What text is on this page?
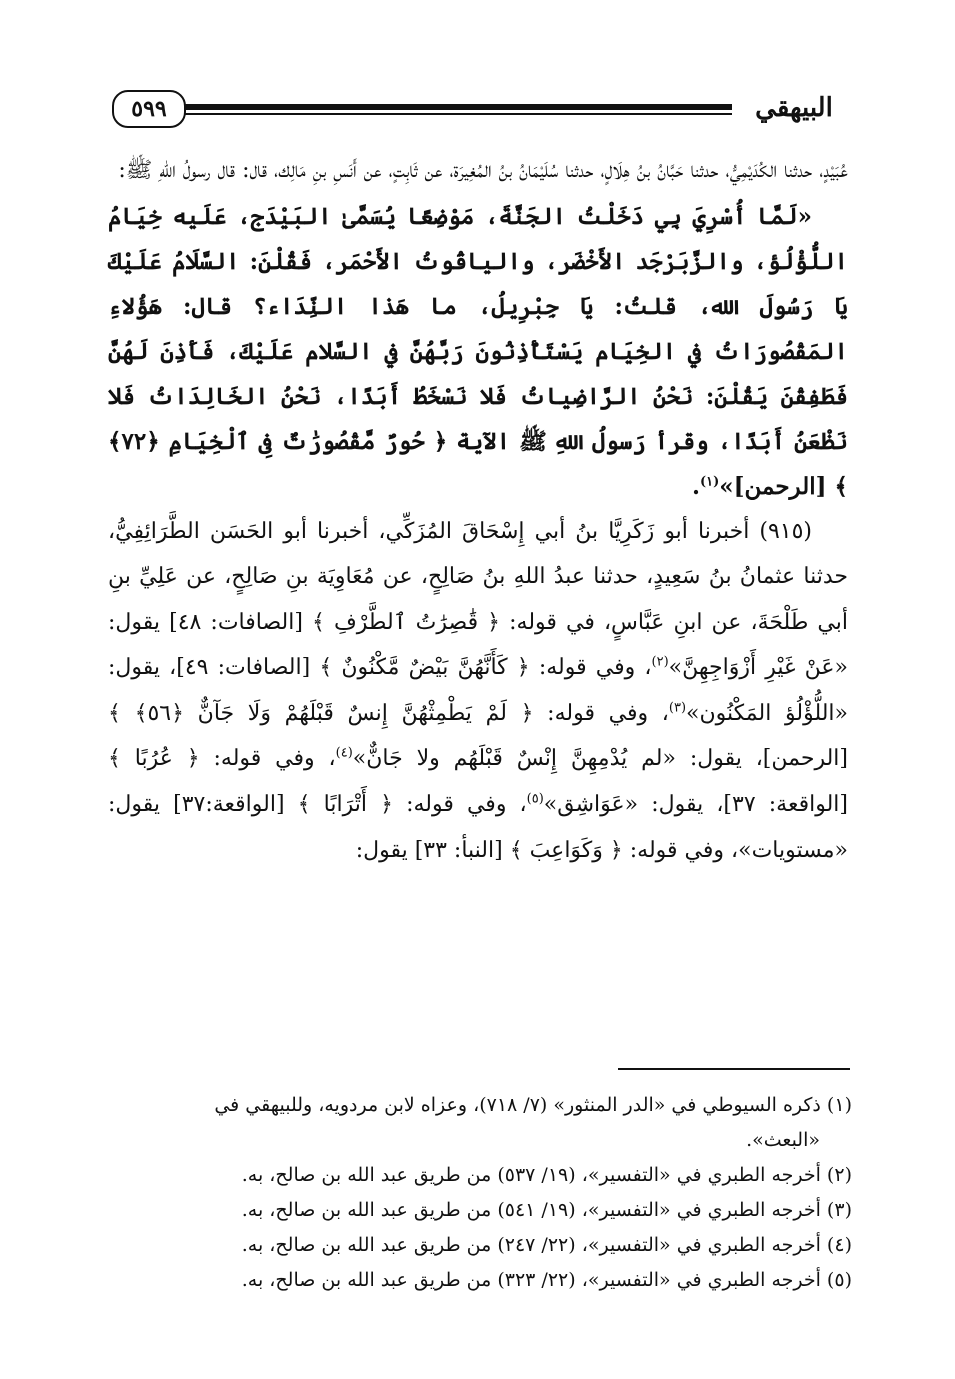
٥٩٩	البيهقي

عُبَيْدٍ، حدثنا الكُدَيْمِيُّ، حدثنا حَبَّانُ بنُ هِلَالٍ، حدثنا سُلَيْمَانُ بنُ المُغِيرَة، عن ثَابِتٍ، عن أَنَسِ بنِ مَالِك، قال: قال رسولُ اللهِ ﷺ:

«لَمَّا أُسْرِيَ بِي دَخَلْتُ الجَنَّةَ، مَوْضِعًا يُسَمَّىٰ البَيْدَج، عَلَيه خِيَامُ اللُّؤْلُؤ، والزَّبَرْجَد الأَخْضَر، والياقُوتُ الأَحْمَر، فَقُلْنَ: السَّلَامُ عَلَيْكَ يَا رَسُولَ الله، قلتُ: يَا جِبْرِيلُ، ما هَذا النِّدَاء؟ قال: هَؤُلاءِ المَقْصُورَاتُ في الخِيَام يَسْتَأْذِنُونَ رَبَّهُنَّ في السَّلام عَلَيْكَ، فَأَذِنَ لَهُنَّ فَطَفِقْنَ يَقُلْنَ: نَحْنُ الرَّاضِياتُ فَلا نَسْخَطُ أَبَدًا، نَحْنُ الخَالِدَاتُ فَلا نَظْعَنُ أَبَدًا، وقرأ رَسولُ اللهِ ﷺ الآية ﴿ حُورٌ مَّقْصُورَٰتٌ فِى ٱلْخِيَامِ ﴿٧٢﴾ ﴾ [الرحمن]»$^{(١)}$.

(٩١٥) أخبرنا أبو زَكَرِيَّا بنُ أبي إِسْحَاقَ المُزَكِّي، أخبرنا أبو الحَسَن الطَّرَائِفِيُّ، حدثنا عثمانُ بنُ سَعِيدٍ، حدثنا عبدُ اللهِ بنُ صَالِحٍ، عن مُعَاوِيَة بنِ صَالِحٍ، عن عَلِيِّ بنِ أبي طَلْحَةَ، عن ابنِ عَبَّاسٍ، في قوله: ﴿ قَٰصِرَٰتُ ٱلطَّرْفِ ﴾ [الصافات: ٤٨] يقول: «عَنْ غَيْرِ أَزْوَاجِهِنَّ»$^{(٢)}$، وفي قوله: ﴿ كَأَنَّهُنَّ بَيْضٌ مَّكْنُونٌ ﴾ [الصافات: ٤٩]، يقول: «اللُّؤْلُؤ المَكْنُون»$^{(٣)}$، وفي قوله: ﴿ لَمْ يَطْمِثْهُنَّ إِنسٌ قَبْلَهُمْ وَلَا جَآنٌّ ﴿٥٦﴾ ﴾ [الرحمن]، يقول: «لم يُدْمِهِنَّ إِنْسٌ قَبْلَهُم ولا جَانٌّ»$^{(٤)}$، وفي قوله: ﴿ عُرُبًا ﴾ [الواقعة: ٣٧]، يقول: «عَوَاشِق»$^{(٥)}$، وفي قوله: ﴿ أَتْرَابًا ﴾ [الواقعة:٣٧] يقول: «مستويات»، وفي قوله: ﴿ وَكَوَاعِبَ ﴾ [النبأ: ٣٣] يقول:

(١) ذكره السيوطي في «الدر المنثور» (٧/ ٧١٨)، وعزاه لابن مردويه، وللبيهقي في

«البعث».

(٢) أخرجه الطبري في «التفسير»، (١٩/ ٥٣٧) من طريق عبد الله بن صالح، به.

(٣) أخرجه الطبري في «التفسير»، (١٩/ ٥٤١) من طريق عبد الله بن صالح، به.

(٤) أخرجه الطبري في «التفسير»، (٢٢/ ٢٤٧) من طريق عبد الله بن صالح، به.

(٥) أخرجه الطبري في «التفسير»، (٢٢/ ٣٢٣) من طريق عبد الله بن صالح، به.
